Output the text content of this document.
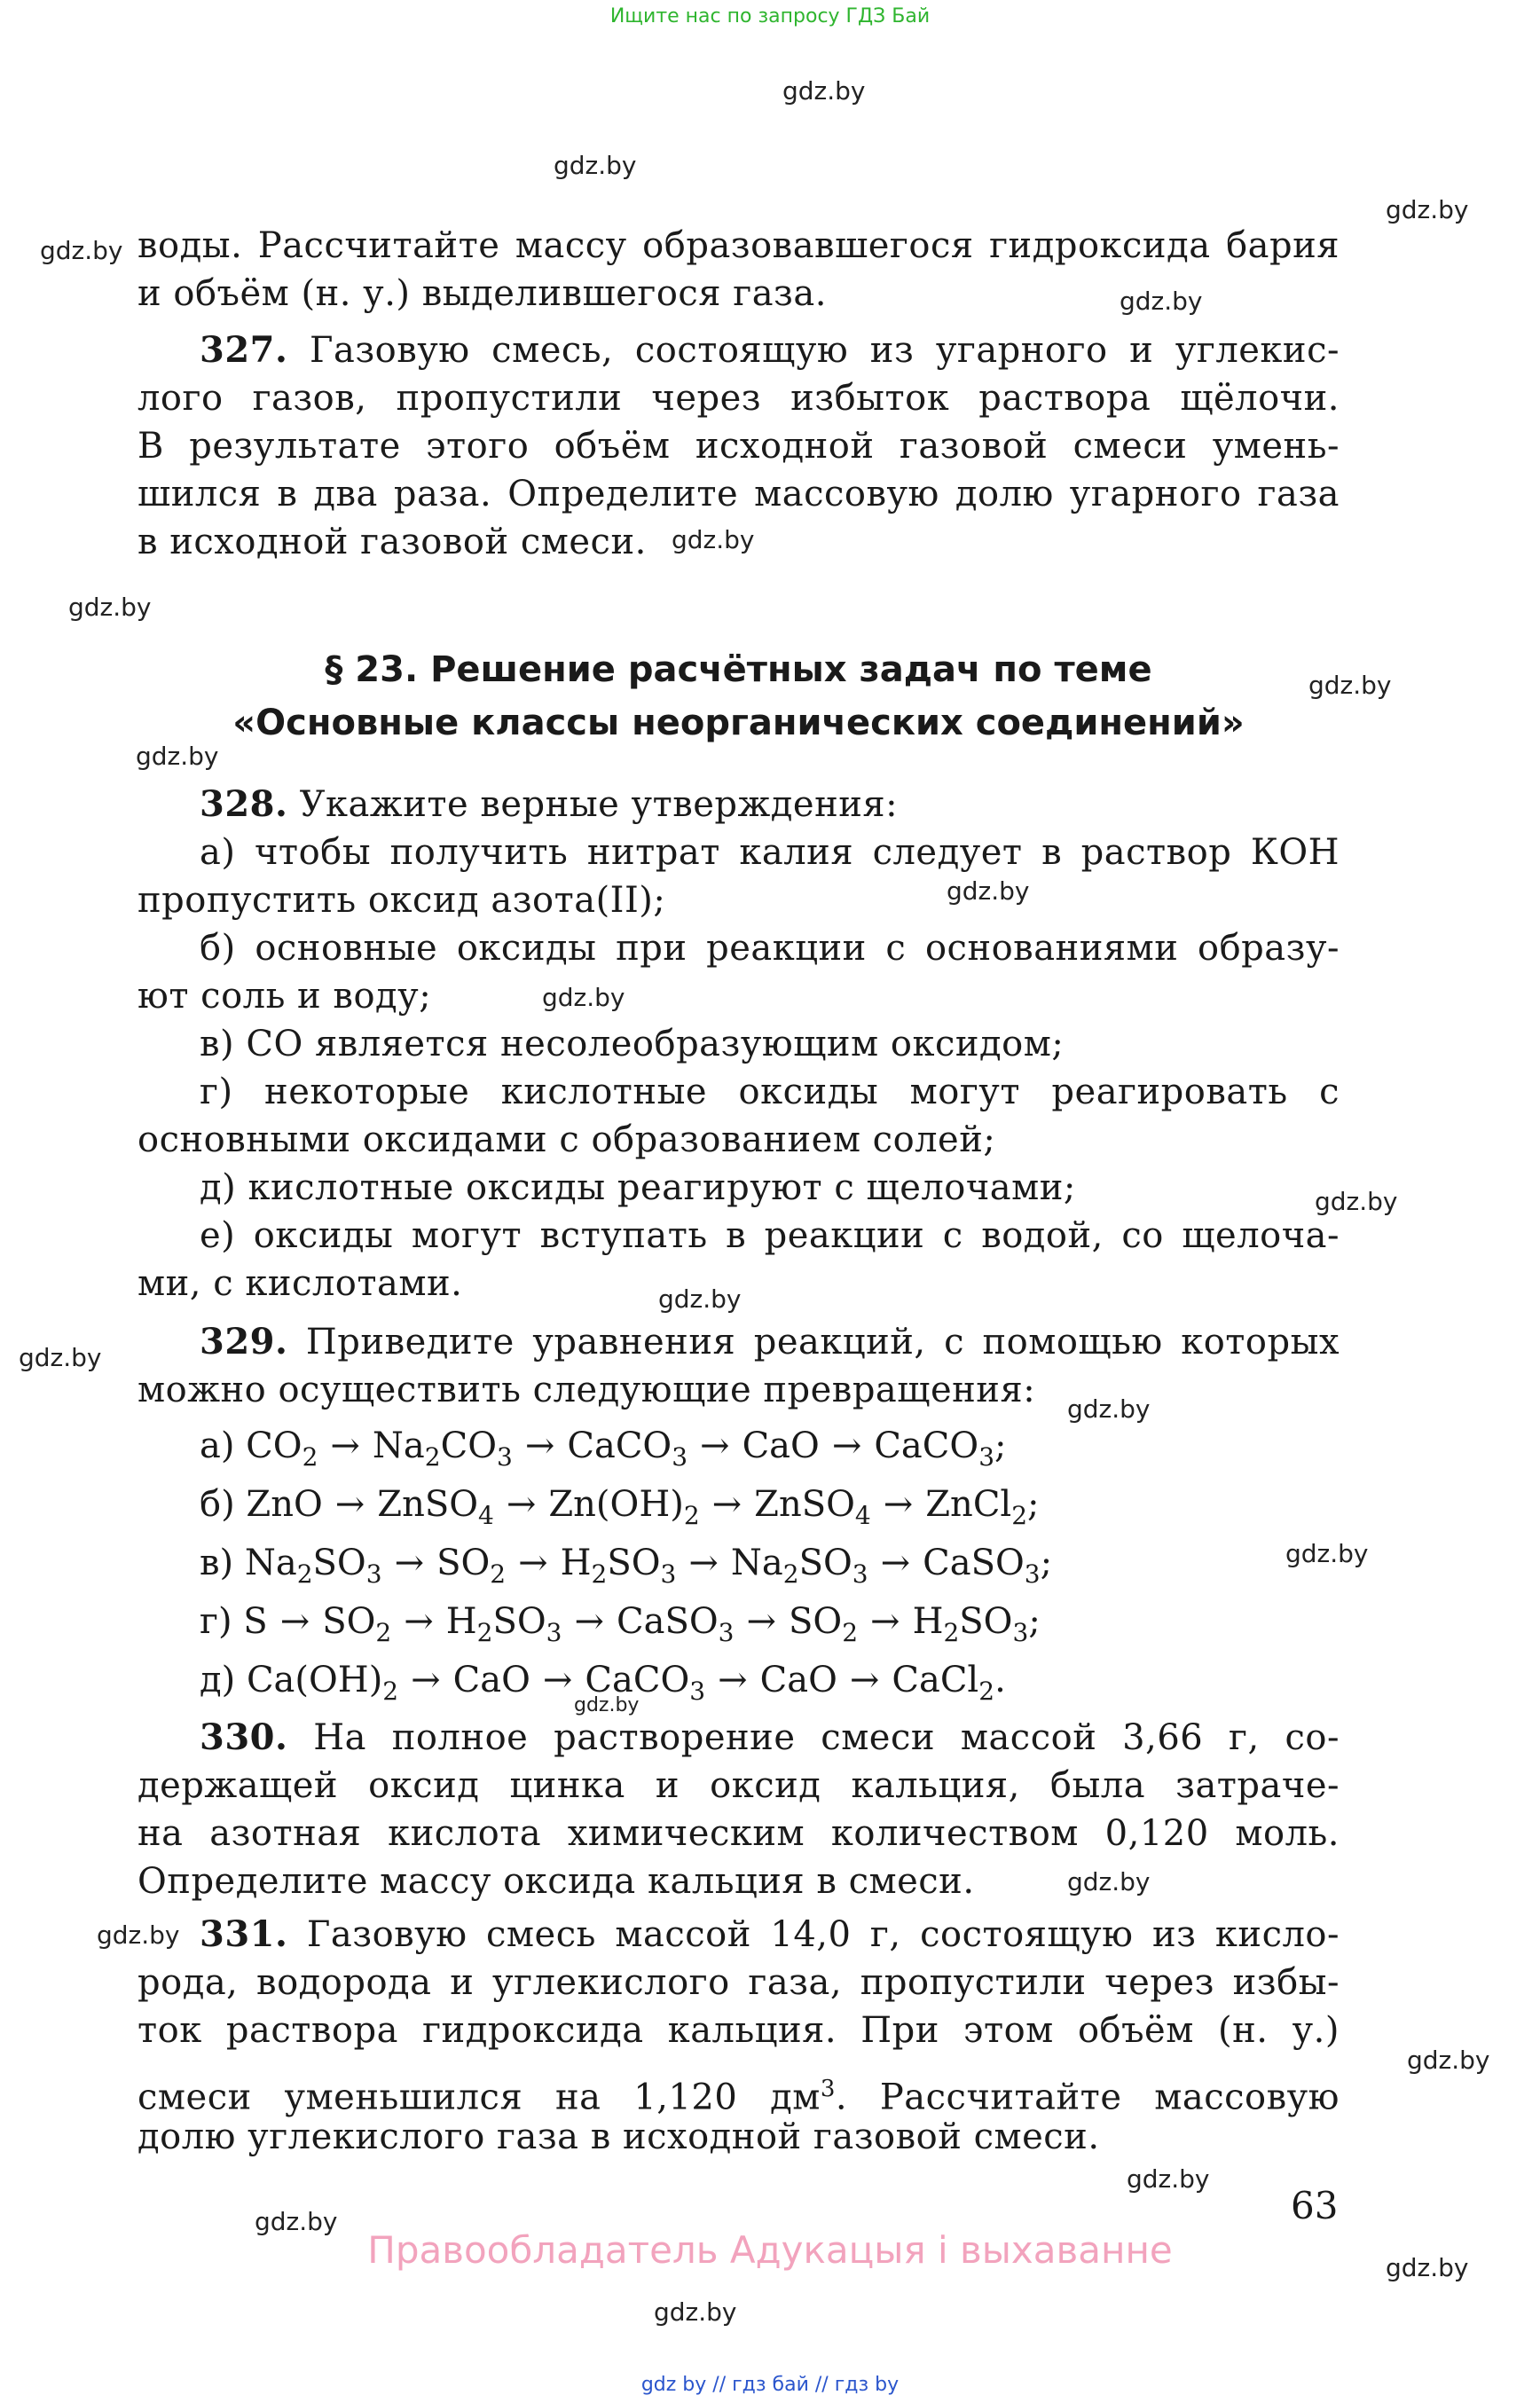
Ищите нас по запросу ГДЗ Бай
gdz.by
gdz.by
gdz.by
gdz.by
gdz.by
gdz.by
gdz.by
gdz.by
gdz.by
gdz.by
gdz.by
gdz.by
gdz.by
gdz.by
gdz.by
gdz.by
gdz.by
gdz.by
gdz.by
gdz.by
gdz.by
gdz.by
gdz.by
gdz.by
воды. Рассчитайте массу образовавшегося гидроксида бария
и объём (н. у.) выделившегося газа.
327. Газовую смесь, состоящую из угарного и углекис-
лого газов, пропустили через избыток раствора щёлочи.
В результате этого объём исходной газовой смеси умень-
шился в два раза. Определите массовую долю угарного газа
в исходной газовой смеси.
§ 23. Решение расчётных задач по теме
«Основные классы неорганических соединений»
328. Укажите верные утверждения:
а) чтобы получить нитрат калия следует в раствор КОН
пропустить оксид азота(II);
б) основные оксиды при реакции с основаниями образу-
ют соль и воду;
в) СО является несолеобразующим оксидом;
г) некоторые кислотные оксиды могут реагировать с
основными оксидами с образованием солей;
д) кислотные оксиды реагируют с щелочами;
е) оксиды могут вступать в реакции с водой, со щелоча-
ми, с кислотами.
329. Приведите уравнения реакций, с помощью которых
можно осуществить следующие превращения:
а) $CO_2 \to Na_2CO_3$ → CaCO$_3$ → CaO → CaCO$_3$;
б) ZnO → ZnSO$_4$ → $Zn(OH)_2$ → ZnSO$_4$ → ZnCl$_2$;
в) $Na_2SO_3 \to SO_2 \to H_2SO_3 \to Na_2SO_3$ → CaSO$_3$;
г) $S \to SO_2 \to H_2SO_3$ → CaSO$_3$ → $SO_2 \to H_2SO_3$;
д) $Ca(OH)_2$ → CaO → CaCO$_3$ → CaO → CaCl$_2$.
330. На полное растворение смеси массой 3,66 г, со-
держащей оксид цинка и оксид кальция, была затраче-
на азотная кислота химическим количеством 0,120 моль.
Определите массу оксида кальция в смеси.
331. Газовую смесь массой 14,0 г, состоящую из кисло-
рода, водорода и углекислого газа, пропустили через избы-
ток раствора гидроксида кальция. При этом объём (н. у.)
смеси уменьшился на 1,120 $дм^3$. Рассчитайте массовую
долю углекислого газа в исходной газовой смеси.
63
Правообладатель Адукацыя і выхаванне
gdz by // гдз бай // гдз by
